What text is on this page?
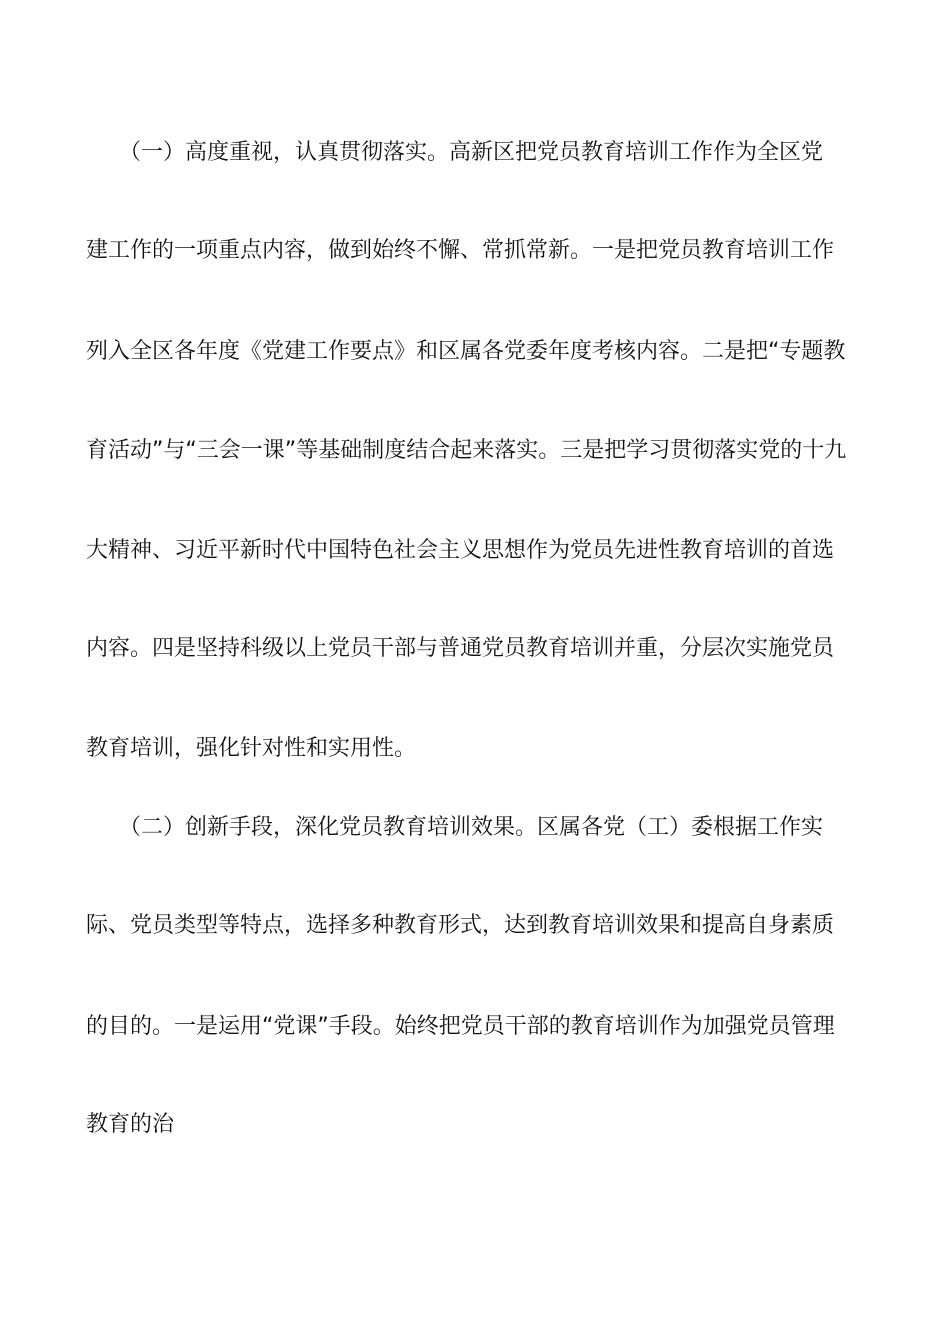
　　（一）高度重视，认真贯彻落实。高新区把党员教育培训工作作为全区党
建工作的一项重点内容，做到始终不懈、常抓常新。一是把党员教育培训工作
列入全区各年度《党建工作要点》和区属各党委年度考核内容。二是把“专题教
育活动”与“三会一课”等基础制度结合起来落实。三是把学习贯彻落实党的十九
大精神、习近平新时代中国特色社会主义思想作为党员先进性教育培训的首选
内容。四是坚持科级以上党员干部与普通党员教育培训并重，分层次实施党员
教育培训，强化针对性和实用性。
　　（二）创新手段，深化党员教育培训效果。区属各党（工）委根据工作实
际、党员类型等特点，选择多种教育形式，达到教育培训效果和提高自身素质
的目的。一是运用“党课”手段。始终把党员干部的教育培训作为加强党员管理
教育的治
